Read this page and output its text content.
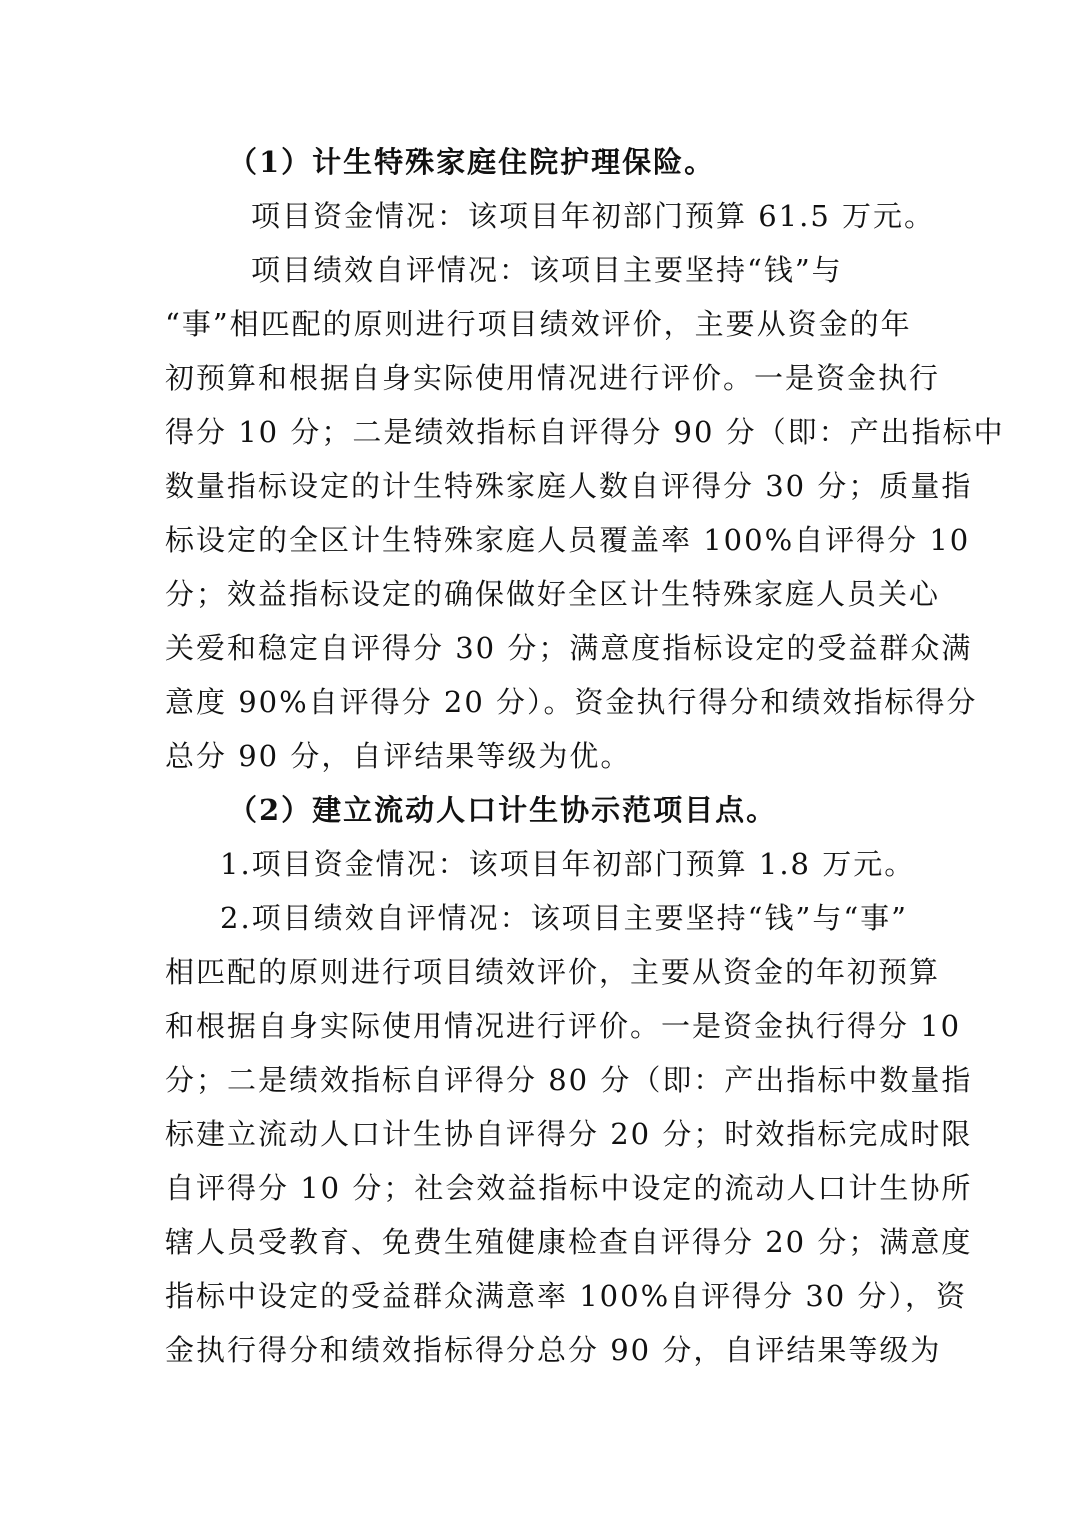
（1）计生特殊家庭住院护理保险。
项目资金情况：该项目年初部门预算 61.5 万元。
项目绩效自评情况：该项目主要坚持“钱”与
“事”相匹配的原则进行项目绩效评价，主要从资金的年
初预算和根据自身实际使用情况进行评价。一是资金执行
得分 10 分；二是绩效指标自评得分 90 分（即：产出指标中
数量指标设定的计生特殊家庭人数自评得分 30 分；质量指
标设定的全区计生特殊家庭人员覆盖率 100%自评得分 10
分；效益指标设定的确保做好全区计生特殊家庭人员关心
关爱和稳定自评得分 30 分；满意度指标设定的受益群众满
意度 90%自评得分 20 分）。资金执行得分和绩效指标得分
总分 90 分，自评结果等级为优。
（2）建立流动人口计生协示范项目点。
1.项目资金情况：该项目年初部门预算 1.8 万元。
2.项目绩效自评情况：该项目主要坚持“钱”与“事”
相匹配的原则进行项目绩效评价，主要从资金的年初预算
和根据自身实际使用情况进行评价。一是资金执行得分 10
分；二是绩效指标自评得分 80 分（即：产出指标中数量指
标建立流动人口计生协自评得分 20 分；时效指标完成时限
自评得分 10 分；社会效益指标中设定的流动人口计生协所
辖人员受教育、免费生殖健康检查自评得分 20 分；满意度
指标中设定的受益群众满意率 100%自评得分 30 分），资
金执行得分和绩效指标得分总分 90 分，自评结果等级为
